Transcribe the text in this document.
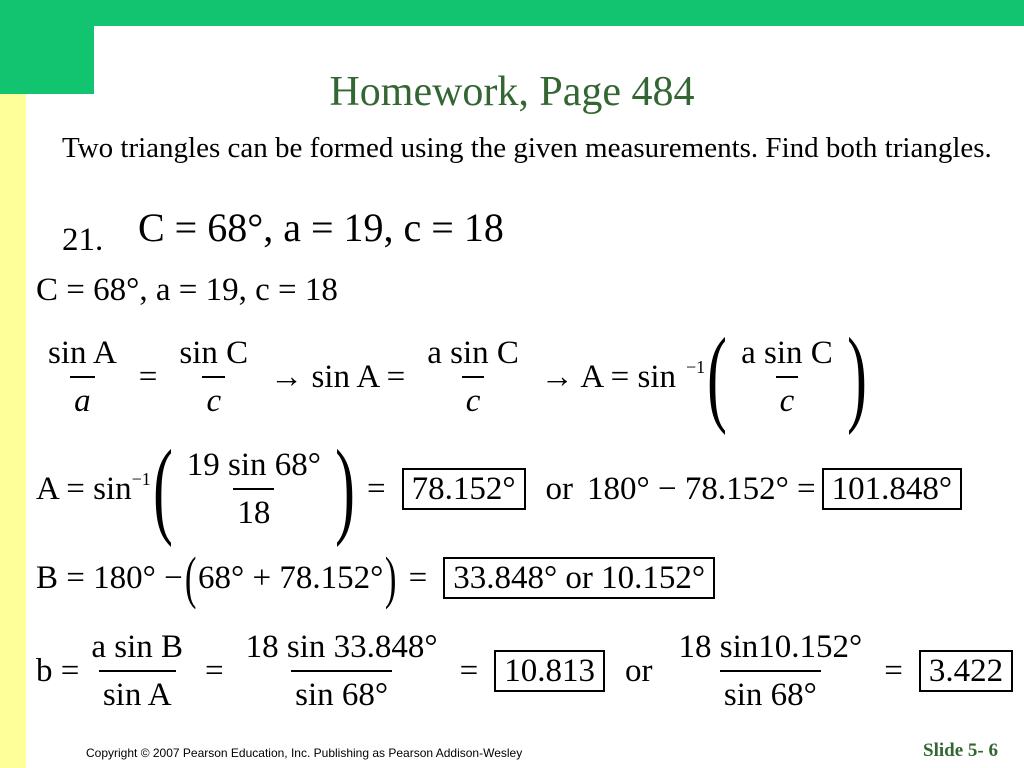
Homework, Page 484
Two triangles can be formed using the given measurements. Find both triangles.
21. C = 68°, a = 19, c = 18
C = 68°, a = 19, c = 18
$\frac{\text{sin A}}{a} = \frac{\text{sin C}}{c} \to \sin A = \frac{\text{a sin C}}{c} \to A = \sin ^{-1}$ ( $\frac{\text{a sin C}}{c}$ )
$A = \sin^{-1}$ ( $\frac{19 \sin 68^\circ}{18}$ ) = 78.152° or 180° − 78.152° = 101.848°
B = 180° − ( 68° + 78.152° ) = 33.848° or 10.152°
$b = \frac{\text{a sin B}}{\text{sin A}} = \frac{18 \sin 33.848^\circ}{\sin 68^\circ} = 10.813$ or $\frac{18 \sin 10.152^\circ}{\sin 68^\circ} = 3.422$
Copyright © 2007 Pearson Education, Inc. Publishing as Pearson Addison-Wesley	Slide 5- 6
